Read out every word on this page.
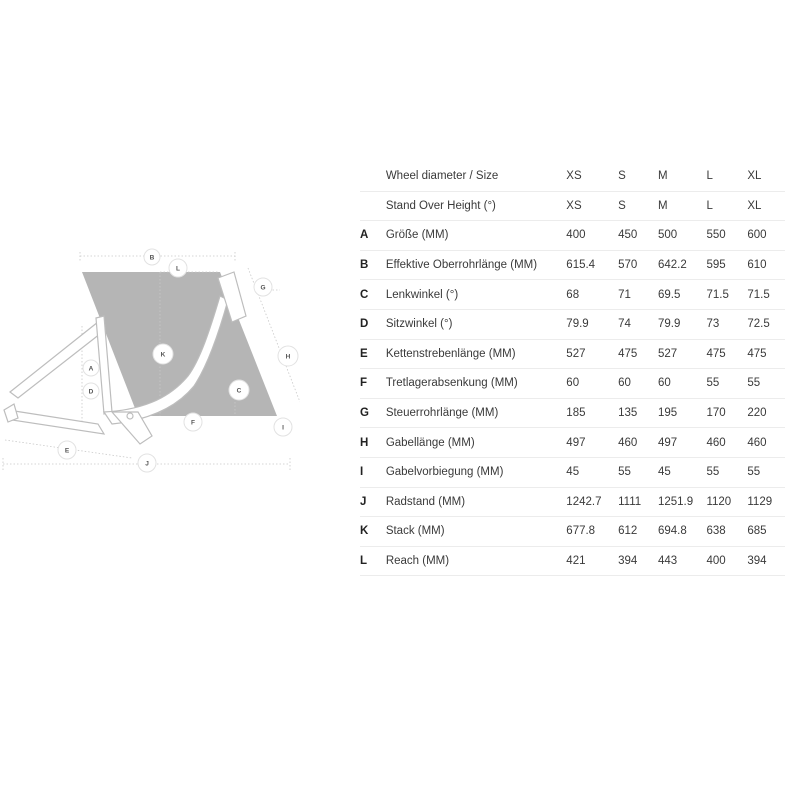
A
B
C
D
E
F
G
H
I
J
K
L
	Wheel diameter / Size	XS	S	M	L	XL
	Stand Over Height (°)	XS	S	M	L	XL
A	Größe (MM)	400	450	500	550	600
B	Effektive Oberrohrlänge (MM)	615.4	570	642.2	595	610
C	Lenkwinkel (°)	68	71	69.5	71.5	71.5
D	Sitzwinkel (°)	79.9	74	79.9	73	72.5
E	Kettenstrebenlänge (MM)	527	475	527	475	475
F	Tretlagerabsenkung (MM)	60	60	60	55	55
G	Steuerrohrlänge (MM)	185	135	195	170	220
H	Gabellänge (MM)	497	460	497	460	460
I	Gabelvorbiegung (MM)	45	55	45	55	55
J	Radstand (MM)	1242.7	1111	1251.9	1120	1129
K	Stack (MM)	677.8	612	694.8	638	685
L	Reach (MM)	421	394	443	400	394
